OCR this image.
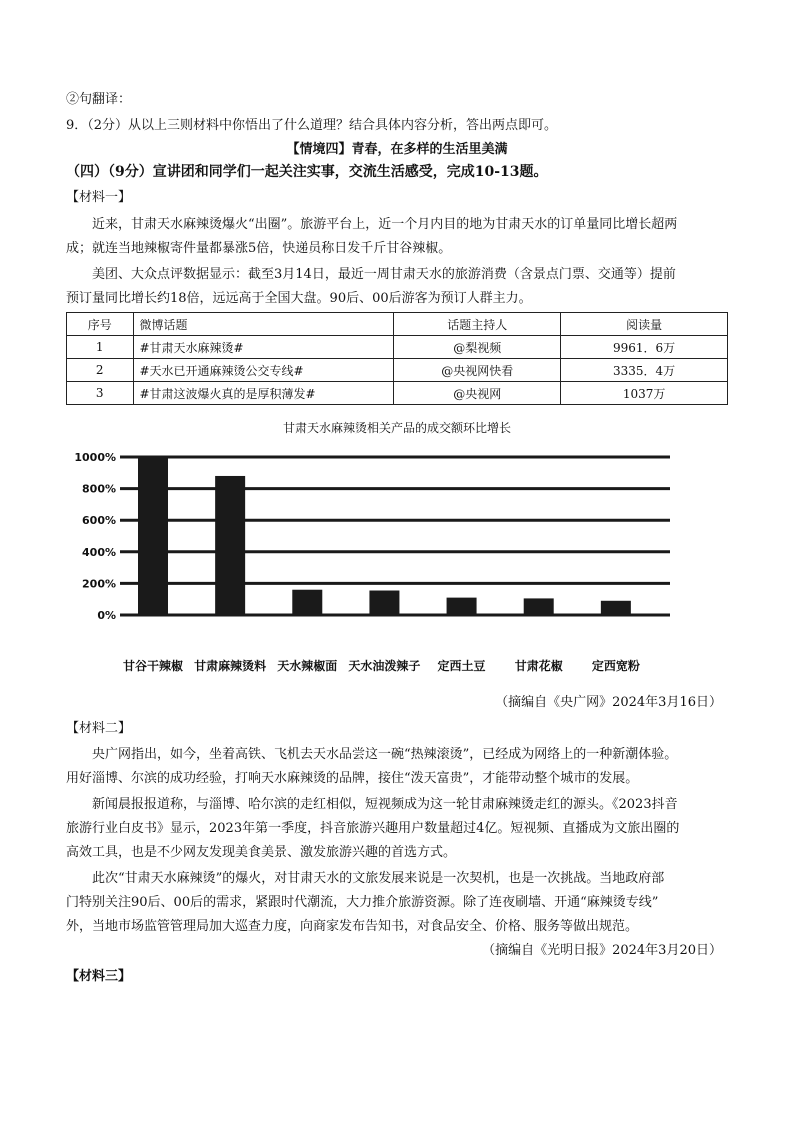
②句翻译：
9．（2分）从以上三则材料中你悟出了什么道理？结合具体内容分析，答出两点即可。
【情境四】青春，在多样的生活里美满
（四）（9分）宣讲团和同学们一起关注实事，交流生活感受，完成10-13题。
【材料一】
近来，甘肃天水麻辣烫爆火“出圈”。旅游平台上，近一个月内目的地为甘肃天水的订单量同比增长超两
成；就连当地辣椒寄件量都暴涨5倍，快递员称日发千斤甘谷辣椒。
美团、大众点评数据显示：截至3月14日，最近一周甘肃天水的旅游消费（含景点门票、交通等）提前
预订量同比增长约18倍，远远高于全国大盘。90后、00后游客为预订人群主力。
序号	微博话题	话题主持人	阅读量
1	#甘肃天水麻辣烫#	@梨视频	9961．6万
2	#天水已开通麻辣烫公交专线#	@央视网快看	3335．4万
3	#甘肃这波爆火真的是厚积薄发#	@央视网	1037万
甘肃天水麻辣烫相关产品的成交额环比增长
0%
200%
400%
600%
800%
1000%
甘谷干辣椒 甘肃麻辣烫料 天水辣椒面 天水油泼辣子 定西土豆 甘肃花椒 定西宽粉
（摘编自《央广网》2024年3月16日）
【材料二】
央广网指出，如今，坐着高铁、飞机去天水品尝这一碗“热辣滚烫”，已经成为网络上的一种新潮体验。
用好淄博、尔滨的成功经验，打响天水麻辣烫的品牌，接住“泼天富贵”，才能带动整个城市的发展。
新闻晨报报道称，与淄博、哈尔滨的走红相似，短视频成为这一轮甘肃麻辣烫走红的源头。《2023抖音
旅游行业白皮书》显示，2023年第一季度，抖音旅游兴趣用户数量超过4亿。短视频、直播成为文旅出圈的
高效工具，也是不少网友发现美食美景、激发旅游兴趣的首选方式。
此次“甘肃天水麻辣烫”的爆火，对甘肃天水的文旅发展来说是一次契机，也是一次挑战。当地政府部
门特别关注90后、00后的需求，紧跟时代潮流，大力推介旅游资源。除了连夜刷墙、开通“麻辣烫专线”
外，当地市场监管管理局加大巡查力度，向商家发布告知书，对食品安全、价格、服务等做出规范。
（摘编自《光明日报》2024年3月20日）
【材料三】
